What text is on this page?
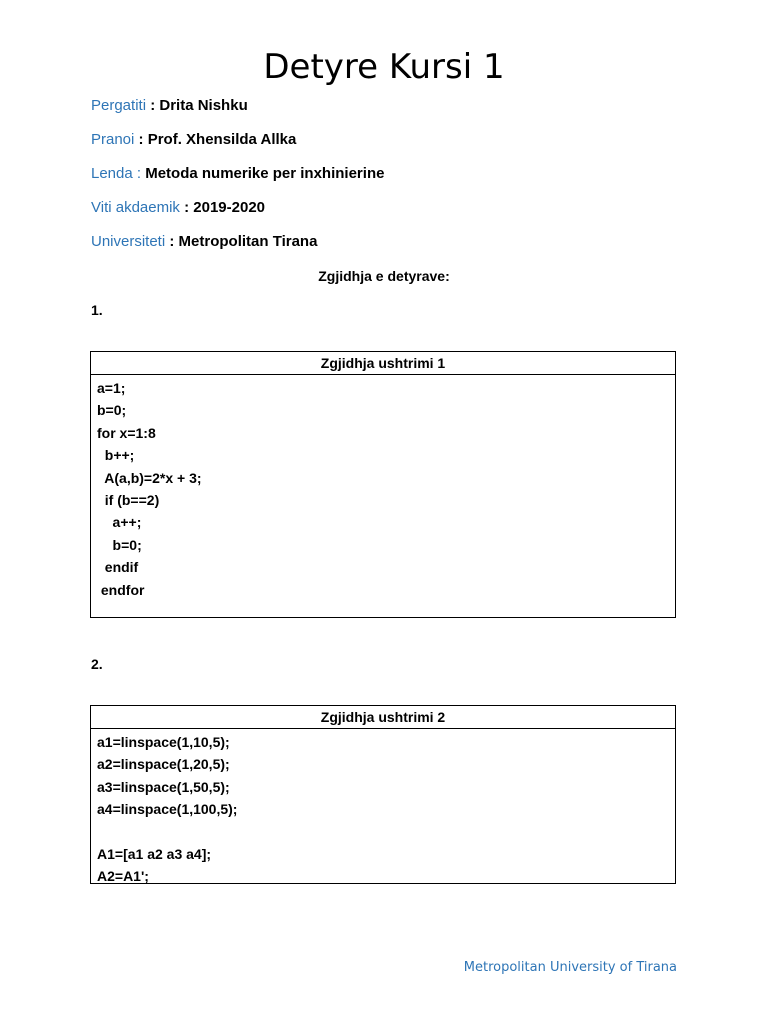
Detyre Kursi 1
Pergatiti : Drita Nishku
Pranoi : Prof. Xhensilda Allka
Lenda : Metoda numerike per inxhinierine
Viti akdaemik : 2019-2020
Universiteti : Metropolitan Tirana
Zgjidhja e detyrave:
1.
Zgjidhja ushtrimi 1
a=1;
b=0;
for x=1:8
b++;
A(a,b)=2*x + 3;
if (b==2)
a++;
b=0;
endif
endfor
2.
Zgjidhja ushtrimi 2
a1=linspace(1,10,5);
a2=linspace(1,20,5);
a3=linspace(1,50,5);
a4=linspace(1,100,5);
A1=[a1 a2 a3 a4];
A2=A1';
Metropolitan University of Tirana
